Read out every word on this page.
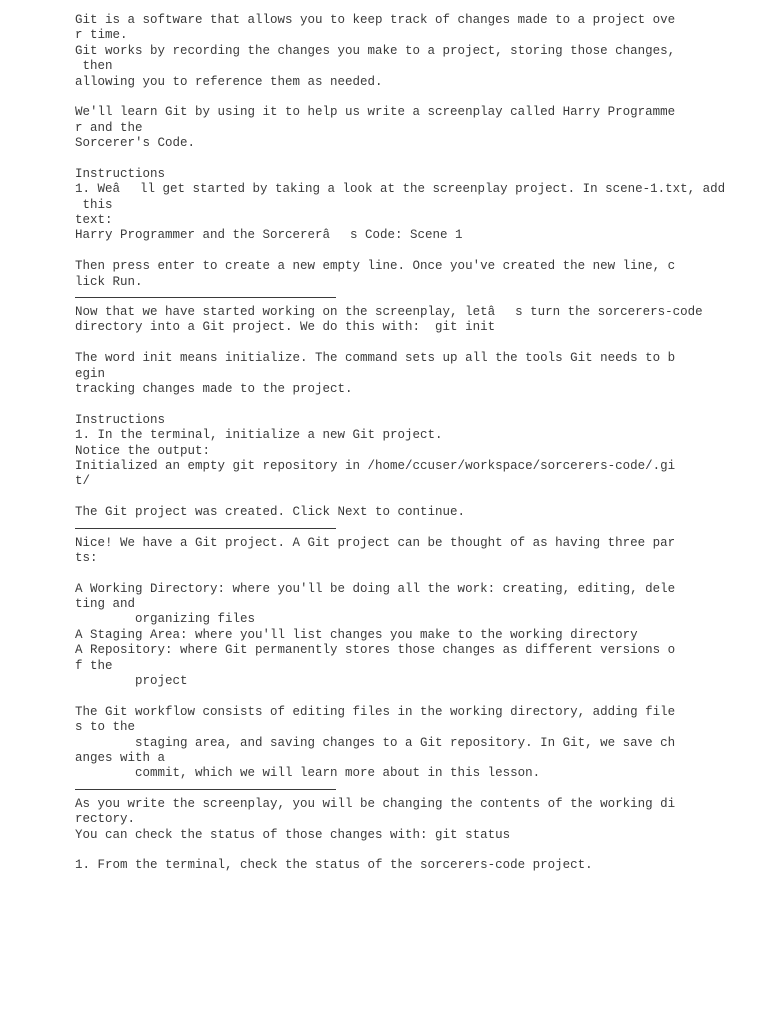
Git is a software that allows you to keep track of changes made to a project ove
r time.
Git works by recording the changes you make to a project, storing those changes,
then
allowing you to reference them as needed.
We'll learn Git by using it to help us write a screenplay called Harry Programme
r and the
Sorcerer's Code.
Instructions
1. Weâll get started by taking a look at the screenplay project. In scene-1.txt, add
this
text:
Harry Programmer and the Sorcererâs Code: Scene 1
Then press enter to create a new empty line. Once you've created the new line, c
lick Run.
Now that we have started working on the screenplay, letâs turn the sorcerers-code
directory into a Git project. We do this with:  git init
The word init means initialize. The command sets up all the tools Git needs to b
egin
tracking changes made to the project.
Instructions
1. In the terminal, initialize a new Git project.
Notice the output:
Initialized an empty git repository in /home/ccuser/workspace/sorcerers-code/.gi
t/
The Git project was created. Click Next to continue.
Nice! We have a Git project. A Git project can be thought of as having three par
ts:
A Working Directory: where you'll be doing all the work: creating, editing, dele
ting and
organizing files
A Staging Area: where you'll list changes you make to the working directory
A Repository: where Git permanently stores those changes as different versions o
f the
project
The Git workflow consists of editing files in the working directory, adding file
s to the
staging area, and saving changes to a Git repository. In Git, we save ch
anges with a
commit, which we will learn more about in this lesson.
As you write the screenplay, you will be changing the contents of the working di
rectory.
You can check the status of those changes with: git status
1. From the terminal, check the status of the sorcerers-code project.
